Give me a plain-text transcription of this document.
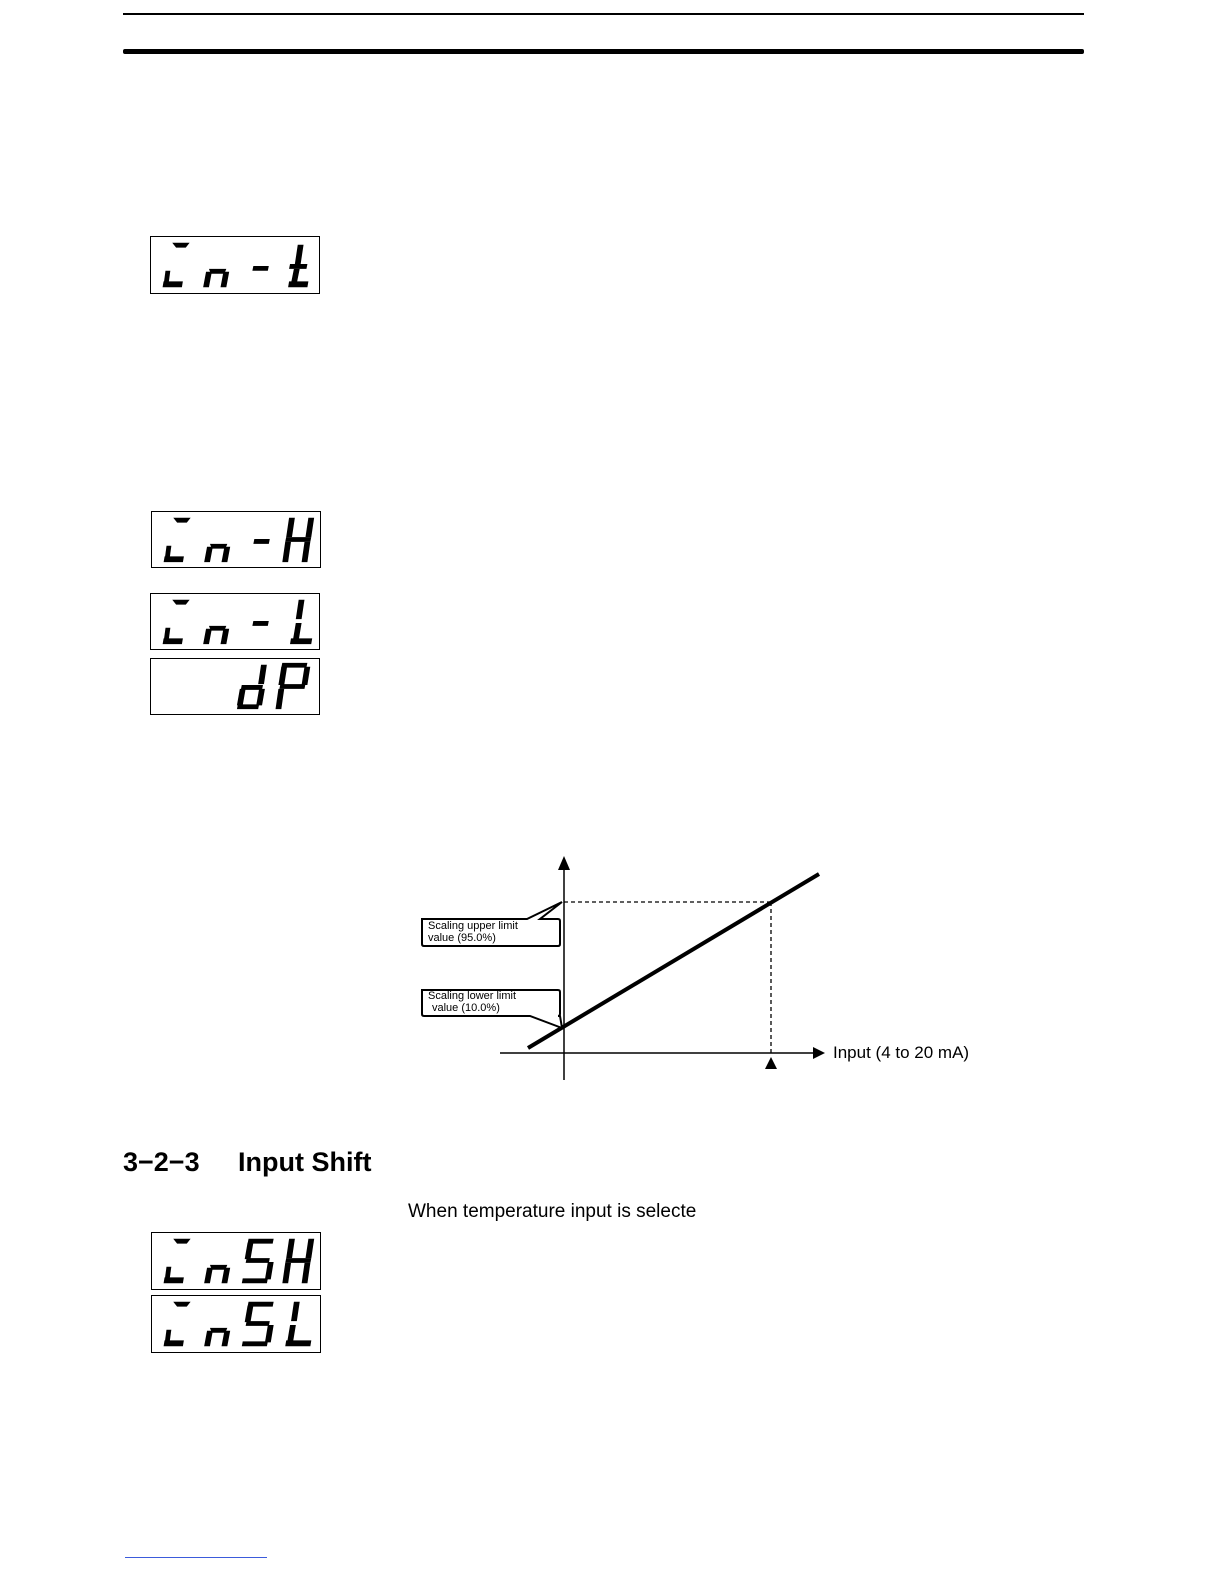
Scaling upper limit
value (95.0%)
Scaling lower limit
value (10.0%)
Input (4 to 20 mA)
3−2−3 Input Shift
When temperature input is selecte
